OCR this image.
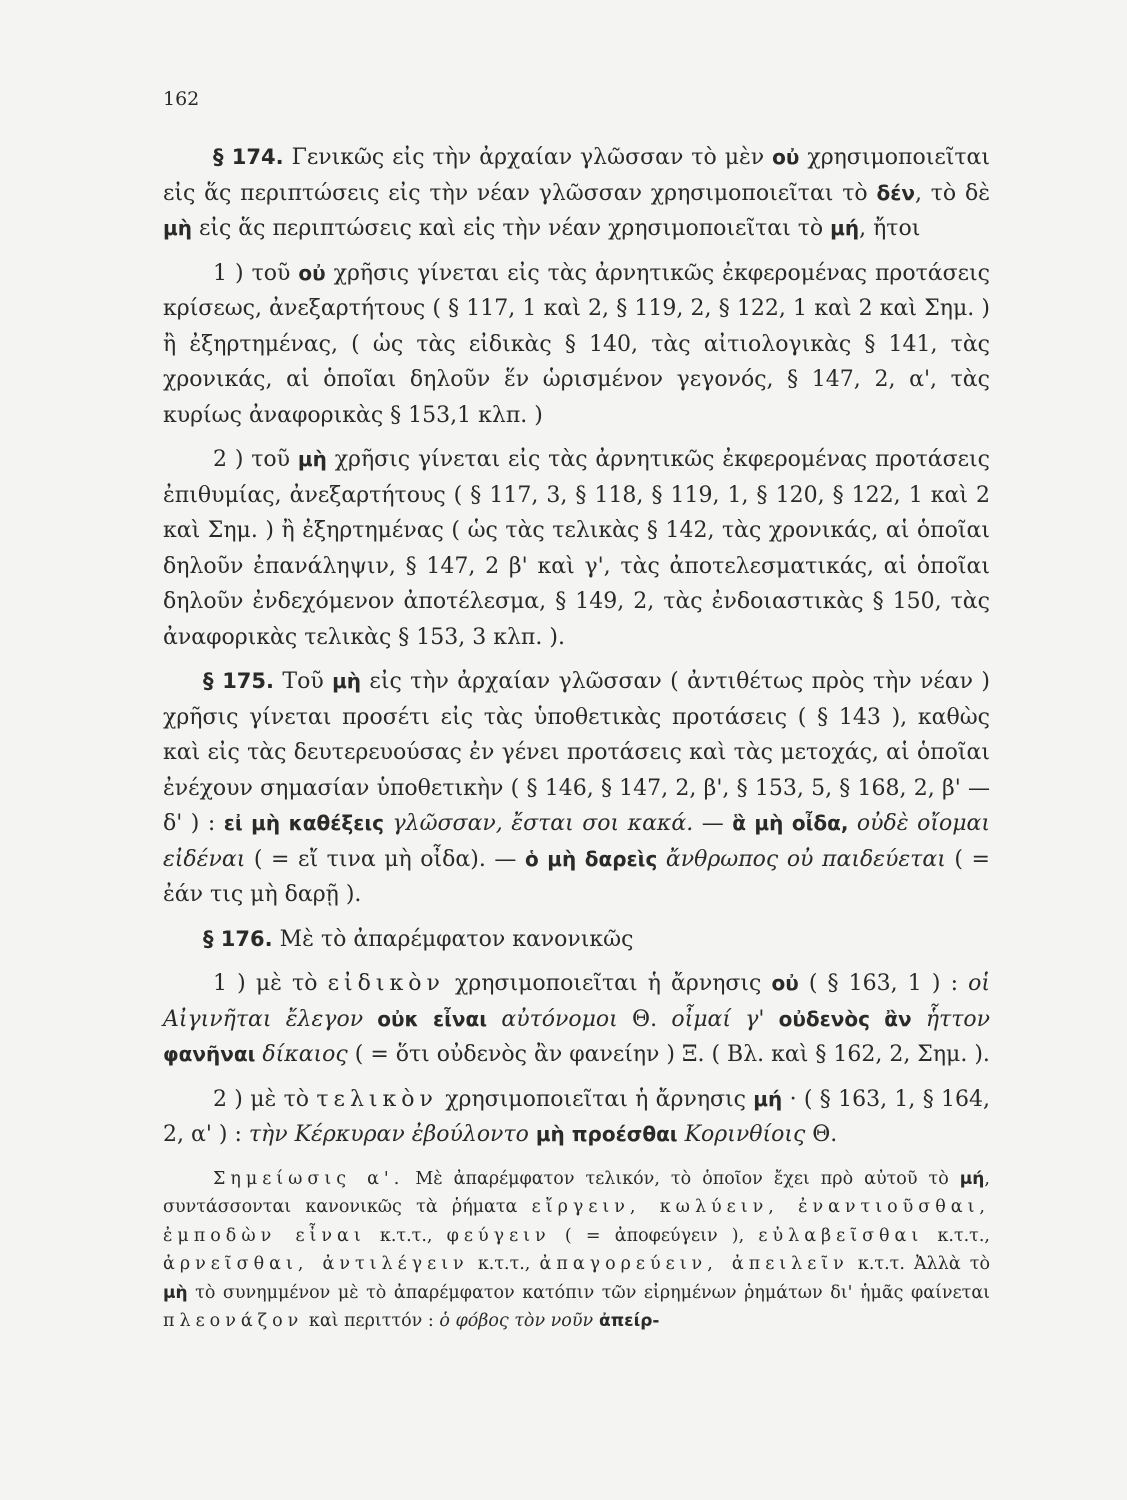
162

§ 174. Γενικῶς εἰς τὴν ἀρχαίαν γλῶσσαν τὸ μὲν οὐ χρησιμοποιεῖται εἰς ἅς περιπτώσεις εἰς τὴν νέαν γλῶσσαν χρησιμοποιεῖται τὸ δέν, τὸ δὲ μὴ εἰς ἅς περιπτώσεις καὶ εἰς τὴν νέαν χρησιμοποιεῖται τὸ μή, ἤτοι

1 ) τοῦ οὐ χρῆσις γίνεται εἰς τὰς ἀρνητικῶς ἐκφερομένας προτάσεις κρίσεως, ἀνεξαρτήτους ( § 117, 1 καὶ 2, § 119, 2, § 122, 1 καὶ 2 καὶ Σημ. ) ἢ ἐξηρτημένας, ( ὡς τὰς εἰδικὰς § 140, τὰς αἰτιολογικὰς § 141, τὰς χρονικάς, αἱ ὁποῖαι δηλοῦν ἕν ὡρισμένον γεγονός, § 147, 2, α', τὰς κυρίως ἀναφορικὰς § 153,1 κλπ. )

2 ) τοῦ μὴ χρῆσις γίνεται εἰς τὰς ἀρνητικῶς ἐκφερομένας προτάσεις ἐπιθυμίας, ἀνεξαρτήτους ( § 117, 3, § 118, § 119, 1, § 120, § 122, 1 καὶ 2 καὶ Σημ. ) ἢ ἐξηρτημένας ( ὡς τὰς τελικὰς § 142, τὰς χρονικάς, αἱ ὁποῖαι δηλοῦν ἐπανάληψιν, § 147, 2 β' καὶ γ', τὰς ἀποτελεσματικάς, αἱ ὁποῖαι δηλοῦν ἐνδεχόμενον ἀποτέλεσμα, § 149, 2, τὰς ἐνδοιαστικὰς § 150, τὰς ἀναφορικὰς τελικὰς § 153, 3 κλπ. ).

§ 175. Τοῦ μὴ εἰς τὴν ἀρχαίαν γλῶσσαν ( ἀντιθέτως πρὸς τὴν νέαν ) χρῆσις γίνεται προσέτι εἰς τὰς ὑποθετικὰς προτάσεις ( § 143 ), καθὼς καὶ εἰς τὰς δευτερευούσας ἐν γένει προτάσεις καὶ τὰς μετοχάς, αἱ ὁποῖαι ἐνέχουν σημασίαν ὑποθετικὴν ( § 146, § 147, 2, β', § 153, 5, § 168, 2, β' — δ' ) : εἰ μὴ καθέξεις γλῶσσαν, ἔσται σοι κακά. — ἃ μὴ οἶδα, οὐδὲ οἴομαι εἰδέναι ( = εἴ τινα μὴ οἶδα). — ὁ μὴ δαρεὶς ἄνθρωπος οὐ παιδεύεται ( = ἐάν τις μὴ δαρῇ ).

§ 176. Μὲ τὸ ἀπαρέμφατον κανονικῶς

1 ) μὲ τὸ εἰδικὸν χρησιμοποιεῖται ἡ ἄρνησις οὐ ( § 163, 1 ) : οἱ Αἰγινῆται ἔλεγον οὐκ εἶναι αὐτόνομοι Θ. οἶμαί γ' οὐδενὸς ἂν ἧττον φανῆναι δίκαιος ( = ὅτι οὐδενὸς ἂν φανείην ) Ξ. ( Βλ. καὶ § 162, 2, Σημ. ).

2 ) μὲ τὸ τελικὸν χρησιμοποιεῖται ἡ ἄρνησις μή · ( § 163, 1, § 164, 2, α' ) : τὴν Κέρκυραν ἐβούλοντο μὴ προέσθαι Κορινθίοις Θ.

Σημείωσις α'. Μὲ ἀπαρέμφατον τελικόν, τὸ ὁποῖον ἔχει πρὸ αὐτοῦ τὸ μή, συντάσσονται κανονικῶς τὰ ῥήματα εἴργειν, κωλύειν, ἐναντιοῦσθαι, ἐμποδὼν εἶναι κ.τ.τ., φεύγειν ( = ἀποφεύγειν ), εὐλαβεῖσθαι κ.τ.τ., ἀρνεῖσθαι, ἀντιλέγειν κ.τ.τ., ἀπαγορεύειν, ἀπειλεῖν κ.τ.τ. Ἀλλὰ τὸ μὴ τὸ συνημμένον μὲ τὸ ἀπαρέμφατον κατόπιν τῶν εἰρημένων ῥημάτων δι' ἡμᾶς φαίνεται πλεονάζον καὶ περιττόν : ὁ φόβος τὸν νοῦν ἀπείρ-
